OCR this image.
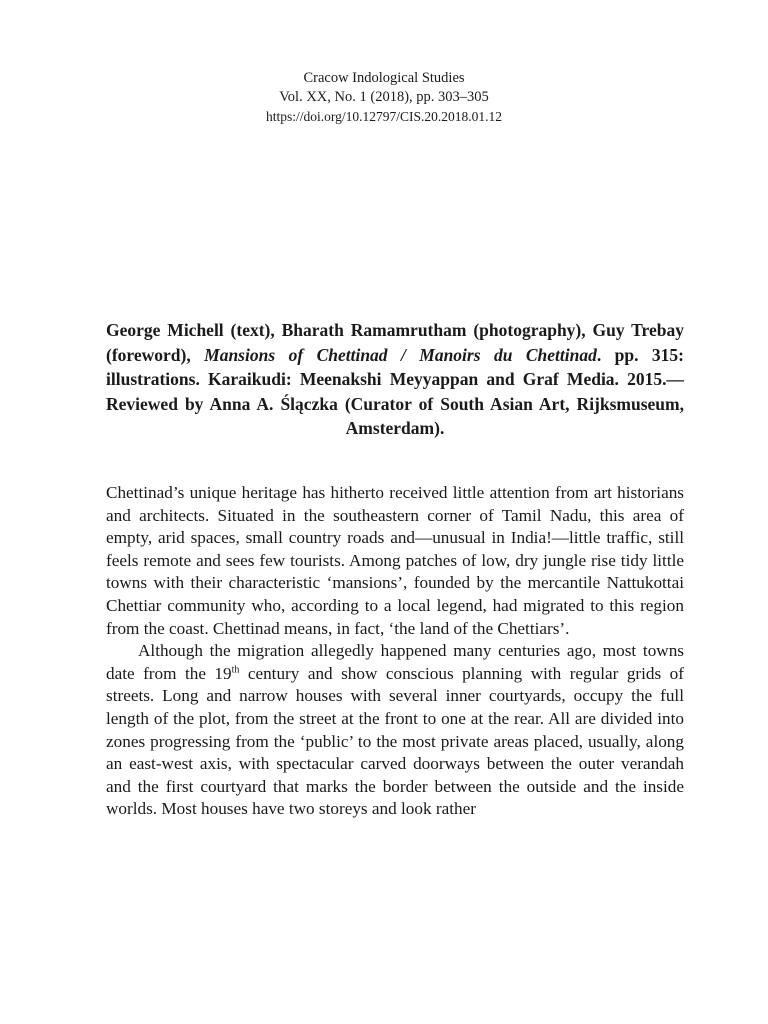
Cracow Indological Studies
Vol. XX, No. 1 (2018), pp. 303–305
https://doi.org/10.12797/CIS.20.2018.01.12
George Michell (text), Bharath Ramamrutham (photography), Guy Trebay (foreword), Mansions of Chettinad / Manoirs du Chettinad. pp. 315: illustrations. Karaikudi: Meenakshi Meyyappan and Graf Media. 2015.—Reviewed by Anna A. Ślączka (Curator of South Asian Art, Rijksmuseum, Amsterdam).

Chettinad’s unique heritage has hitherto received little attention from art historians and architects. Situated in the southeastern corner of Tamil Nadu, this area of empty, arid spaces, small country roads and—unusual in India!—little traffic, still feels remote and sees few tourists. Among patches of low, dry jungle rise tidy little towns with their characteristic ‘mansions’, founded by the mercantile Nattukottai Chettiar community who, according to a local legend, had migrated to this region from the coast. Chettinad means, in fact, ‘the land of the Chettiars’.

Although the migration allegedly happened many centuries ago, most towns date from the 19th century and show conscious planning with regular grids of streets. Long and narrow houses with several inner courtyards, occupy the full length of the plot, from the street at the front to one at the rear. All are divided into zones progressing from the ‘public’ to the most private areas placed, usually, along an east-west axis, with spectacular carved doorways between the outer verandah and the first courtyard that marks the border between the outside and the inside worlds. Most houses have two storeys and look rather
